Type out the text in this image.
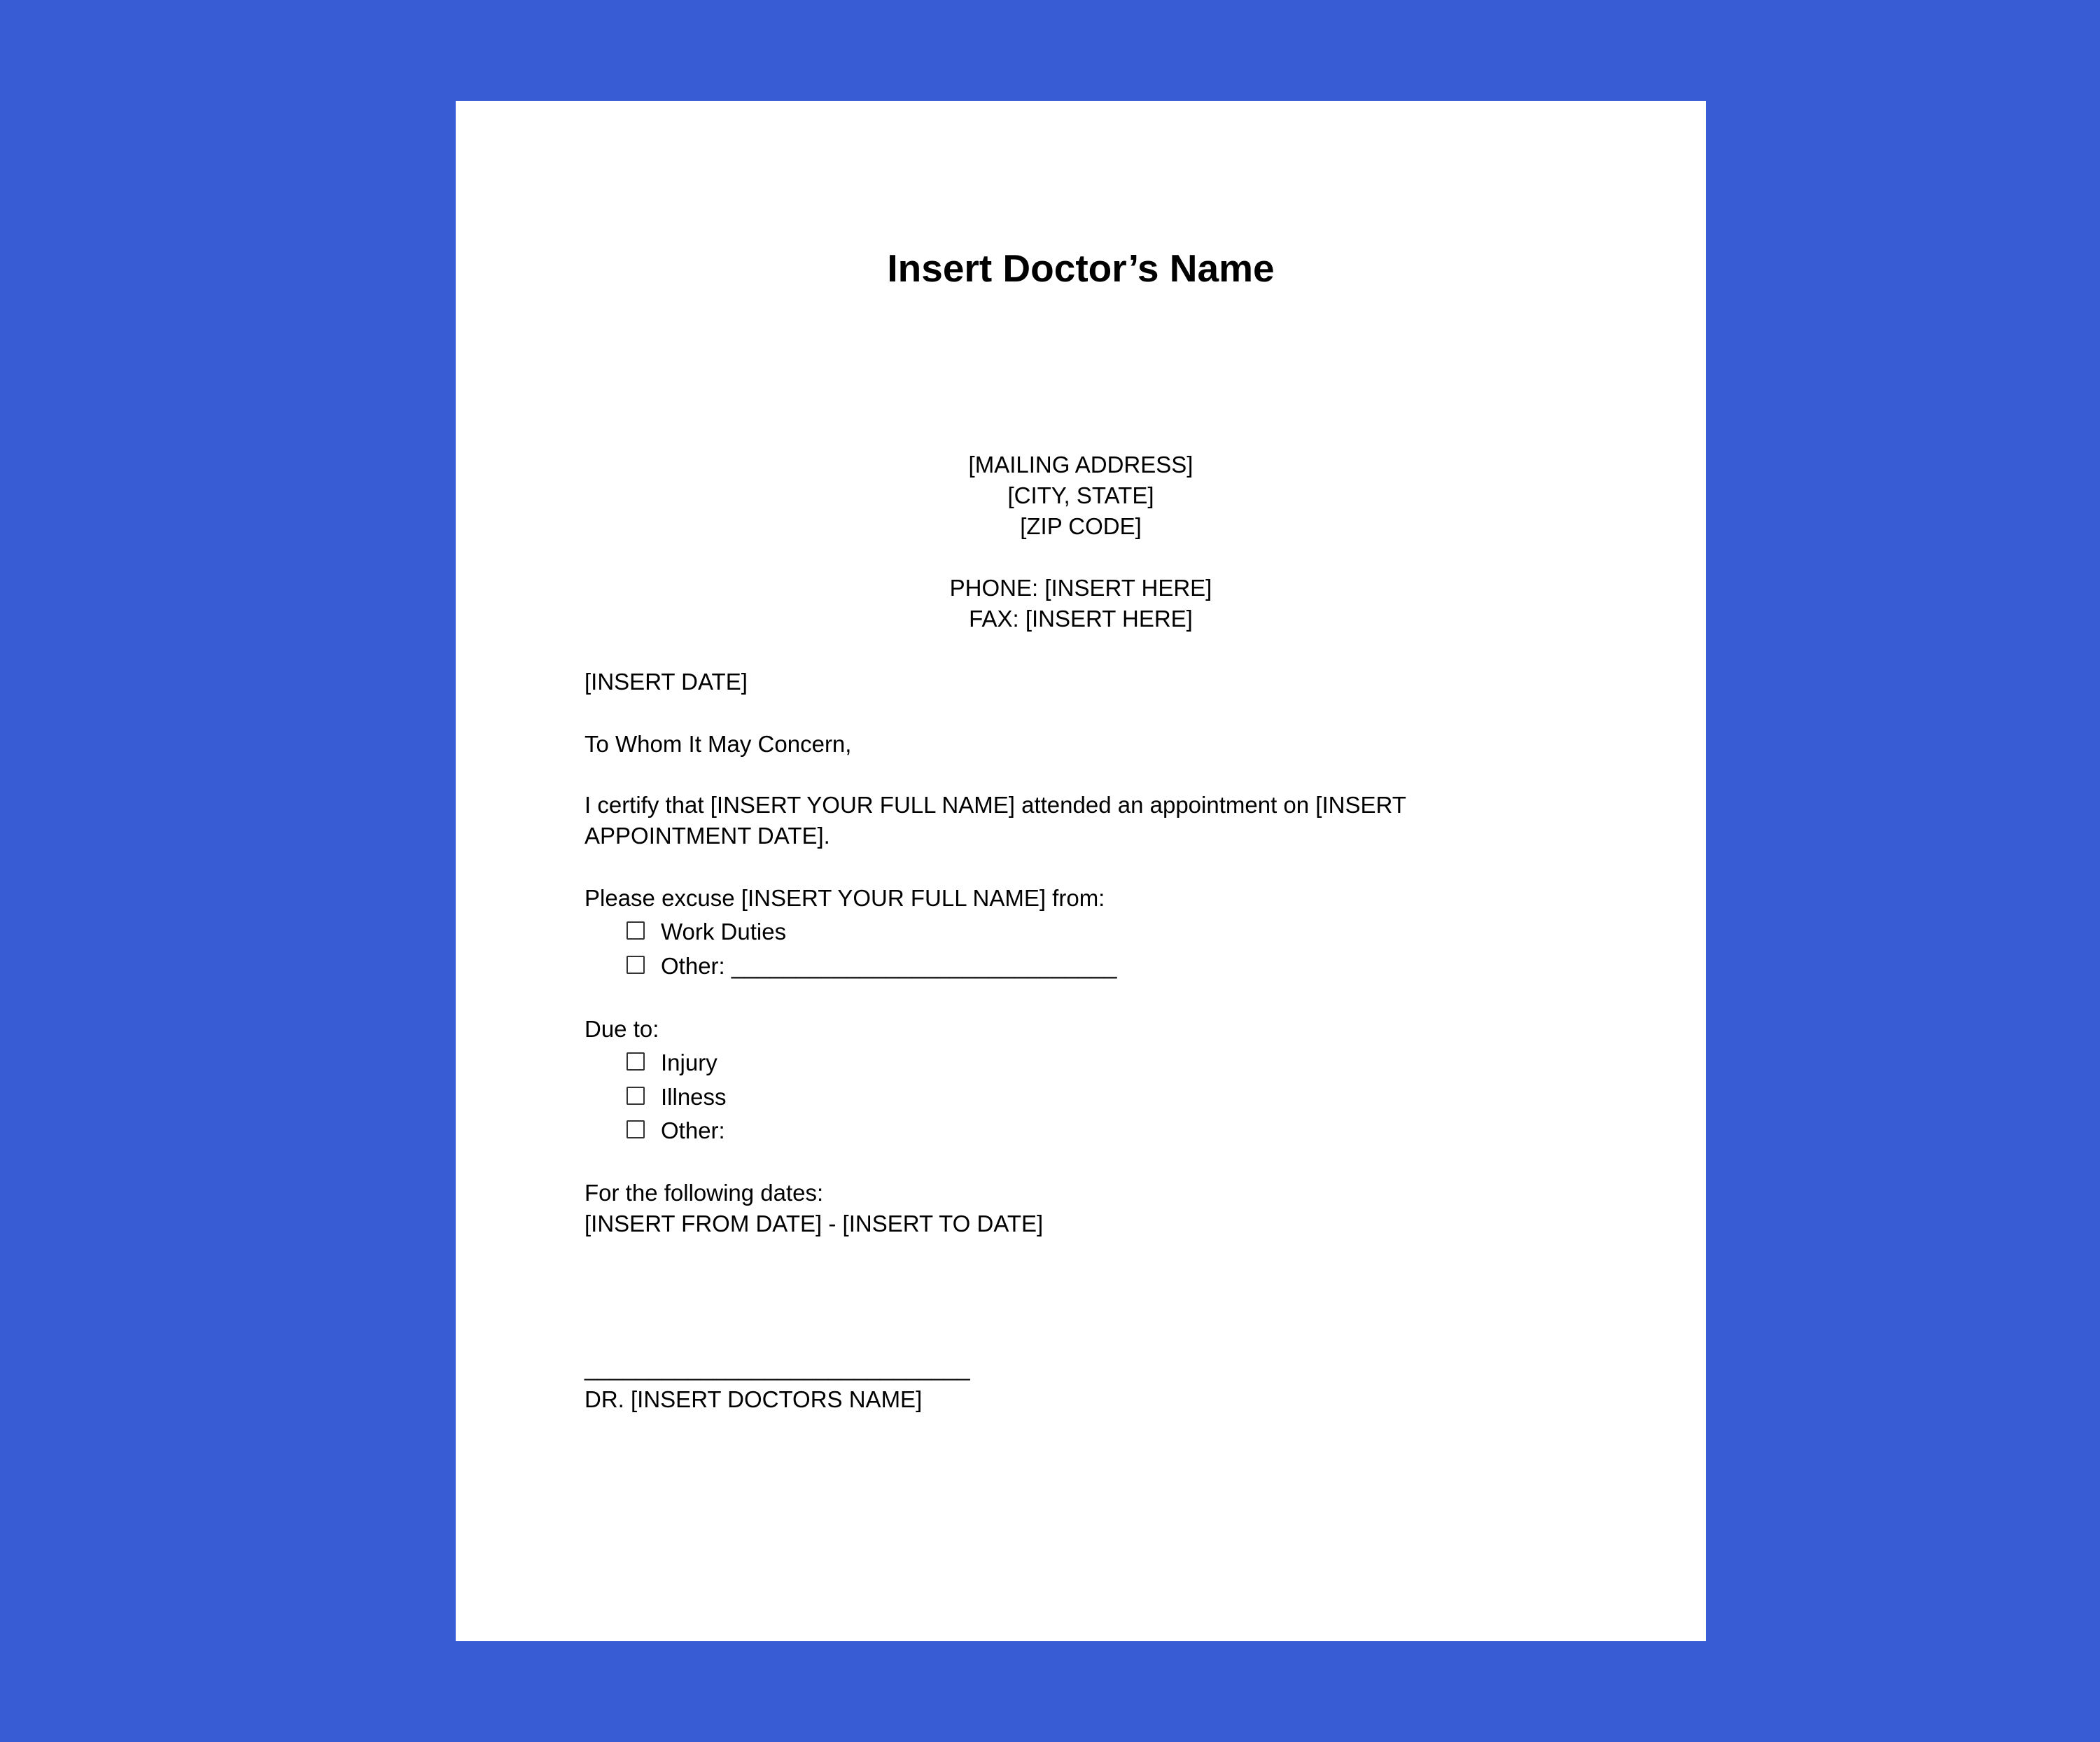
Insert Doctor’s Name
[MAILING ADDRESS]
[CITY, STATE]
[ZIP CODE]
PHONE: [INSERT HERE]
FAX: [INSERT HERE]
[INSERT DATE]
To Whom It May Concern,
I certify that [INSERT YOUR FULL NAME] attended an appointment on [INSERT
APPOINTMENT DATE].
Please excuse [INSERT YOUR FULL NAME] from:
Work Duties
Other: ______________________________
Due to:
Injury
Illness
Other:
For the following dates:
[INSERT FROM DATE] - [INSERT TO DATE]
______________________________
DR. [INSERT DOCTORS NAME]
